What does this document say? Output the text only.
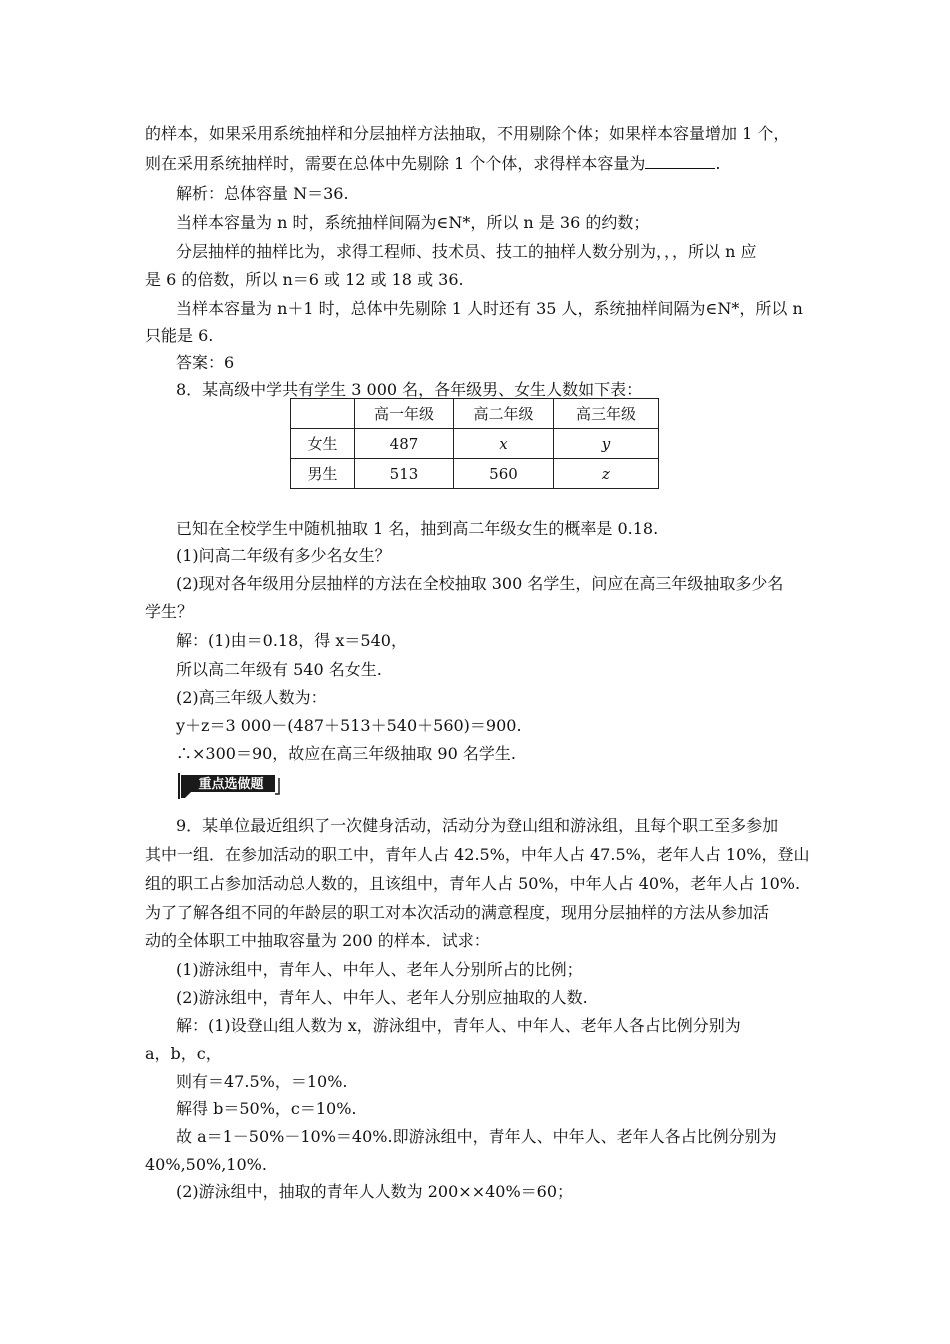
的样本，如果采用系统抽样和分层抽样方法抽取，不用剔除个体；如果样本容量增加 1 个，
则在采用系统抽样时，需要在总体中先剔除 1 个个体，求得样本容量为	.
解析：总体容量 N＝36.
当样本容量为 n 时，系统抽样间隔为∈N*，所以 n 是 36 的约数；
分层抽样的抽样比为，求得工程师、技术员、技工的抽样人数分别为，，，所以 n 应
是 6 的倍数，所以 n＝6 或 12 或 18 或 36.
当样本容量为 n＋1 时，总体中先剔除 1 人时还有 35 人，系统抽样间隔为∈N*，所以 n
只能是 6.
答案：6
8．某高级中学共有学生 3 000 名，各年级男、女生人数如下表：
	高一年级	高二年级	高三年级
女生	487	x	y
男生	513	560	z
已知在全校学生中随机抽取 1 名，抽到高二年级女生的概率是 0.18.
(1)问高二年级有多少名女生？
(2)现对各年级用分层抽样的方法在全校抽取 300 名学生，问应在高三年级抽取多少名
学生？
解：(1)由＝0.18，得 x＝540，
所以高二年级有 540 名女生.
(2)高三年级人数为：
y＋z＝3 000－(487＋513＋540＋560)＝900.
∴×300＝90，故应在高三年级抽取 90 名学生.
重点选做题
9．某单位最近组织了一次健身活动，活动分为登山组和游泳组，且每个职工至多参加
其中一组．在参加活动的职工中，青年人占 42.5%，中年人占 47.5%，老年人占 10%，登山
组的职工占参加活动总人数的，且该组中，青年人占 50%，中年人占 40%，老年人占 10%.
为了了解各组不同的年龄层的职工对本次活动的满意程度，现用分层抽样的方法从参加活
动的全体职工中抽取容量为 200 的样本．试求：
(1)游泳组中，青年人、中年人、老年人分别所占的比例；
(2)游泳组中，青年人、中年人、老年人分别应抽取的人数.
解：(1)设登山组人数为 x，游泳组中，青年人、中年人、老年人各占比例分别为
a，b，c，
则有＝47.5%，＝10%.
解得 b＝50%，c＝10%.
故 a＝1－50%－10%＝40%.即游泳组中，青年人、中年人、老年人各占比例分别为
40%,50%,10%.
(2)游泳组中，抽取的青年人人数为 200××40%＝60；
